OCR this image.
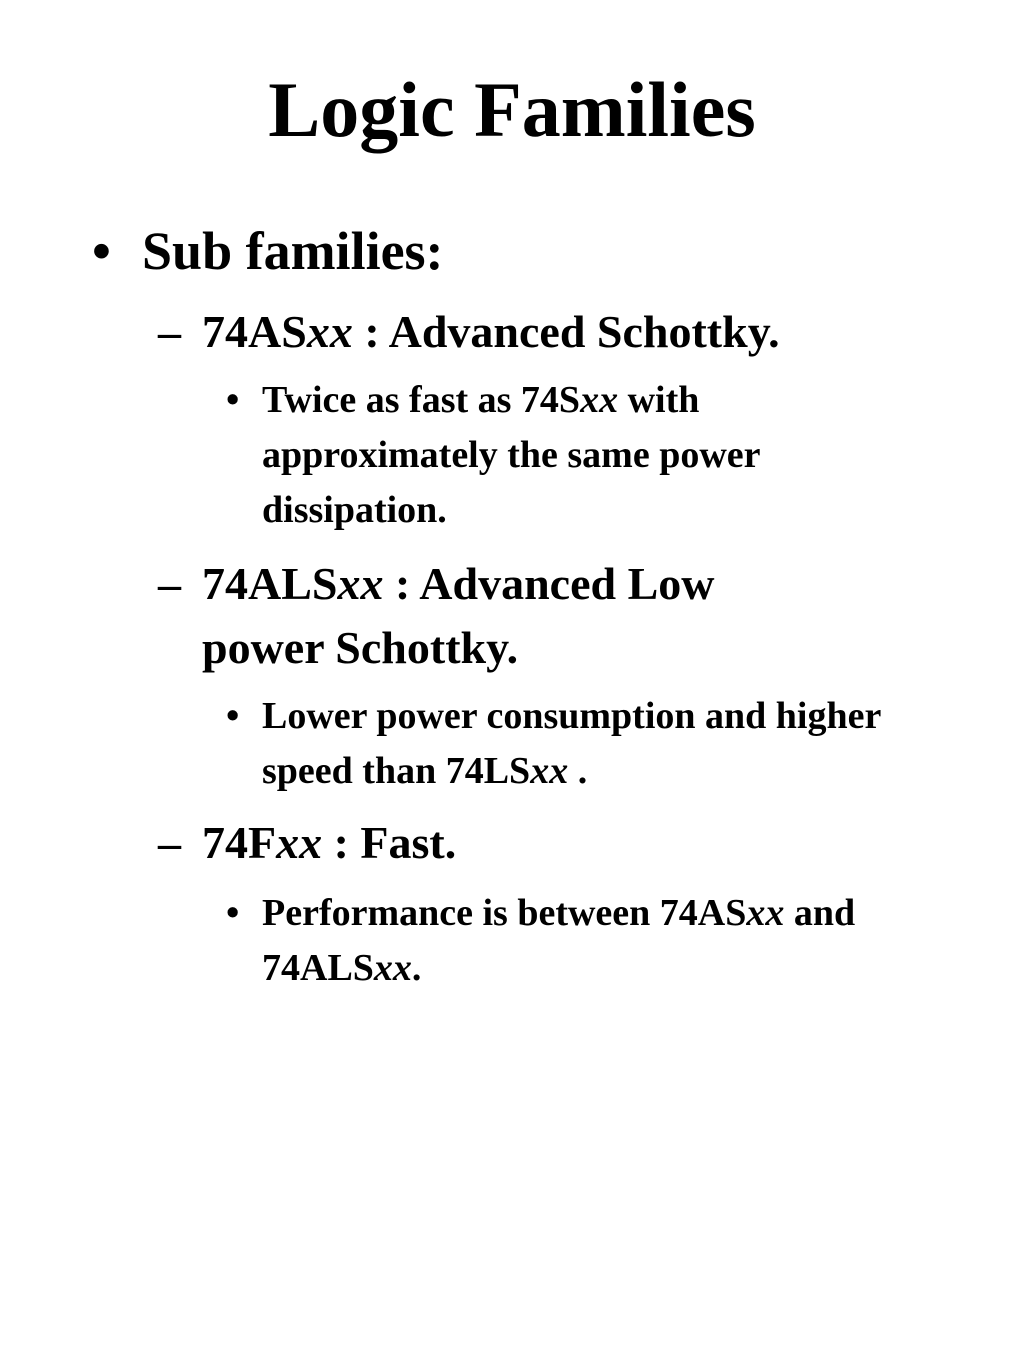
Logic Families
• Sub families:
– 74ASxx : Advanced Schottky.
• Twice as fast as 74Sxx with approximately the same power dissipation.
– 74ALSxx : Advanced Low power Schottky.
• Lower power consumption and higher speed than 74LSxx .
– 74Fxx : Fast.
• Performance is between 74ASxx and 74ALSxx.
